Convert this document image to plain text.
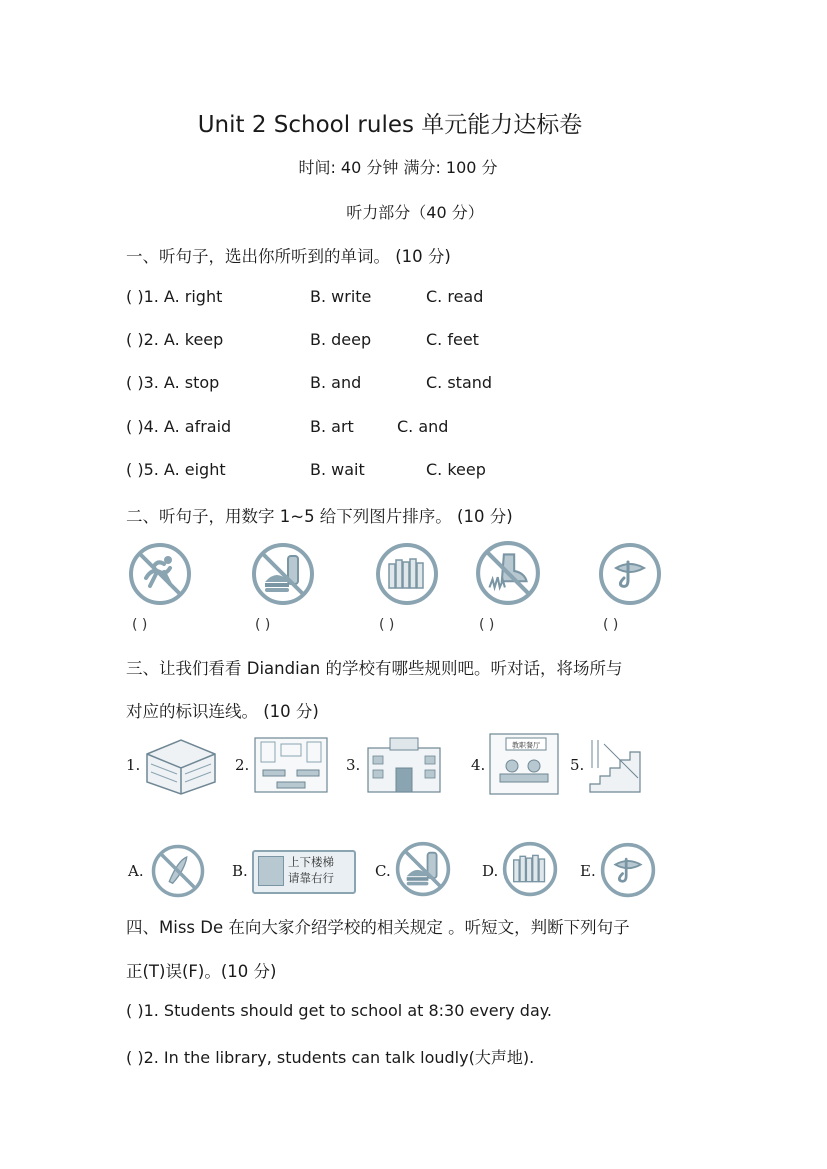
Unit 2 School rules 单元能力达标卷
时间: 40 分钟 满分: 100 分
听力部分（40 分）
一、听句子，选出你所听到的单词。 (10 分)
( )1. A. right	B. write	C. read
( )2. A. keep	B. deep	C. feet
( )3. A. stop	B. and	C. stand
( )4. A. afraid	B. art	C. and
( )5. A. eight	B. wait	C. keep
二、听句子，用数字 1~5 给下列图片排序。 (10 分)
( )	( )	( )	( )	( )
三、让我们看看 Diandian 的学校有哪些规则吧。听对话，将场所与
对应的标识连线。 (10 分)
1.	2.	3.	4.
教职餐厅
5.
A.	B.	上下楼梯
请靠右行	C.	D.	E.
四、Miss De 在向大家介绍学校的相关规定 。听短文，判断下列句子
正(T)误(F)。(10 分)
( )1. Students should get to school at 8:30 every day.
( )2. In the library, students can talk loudly(大声地).
